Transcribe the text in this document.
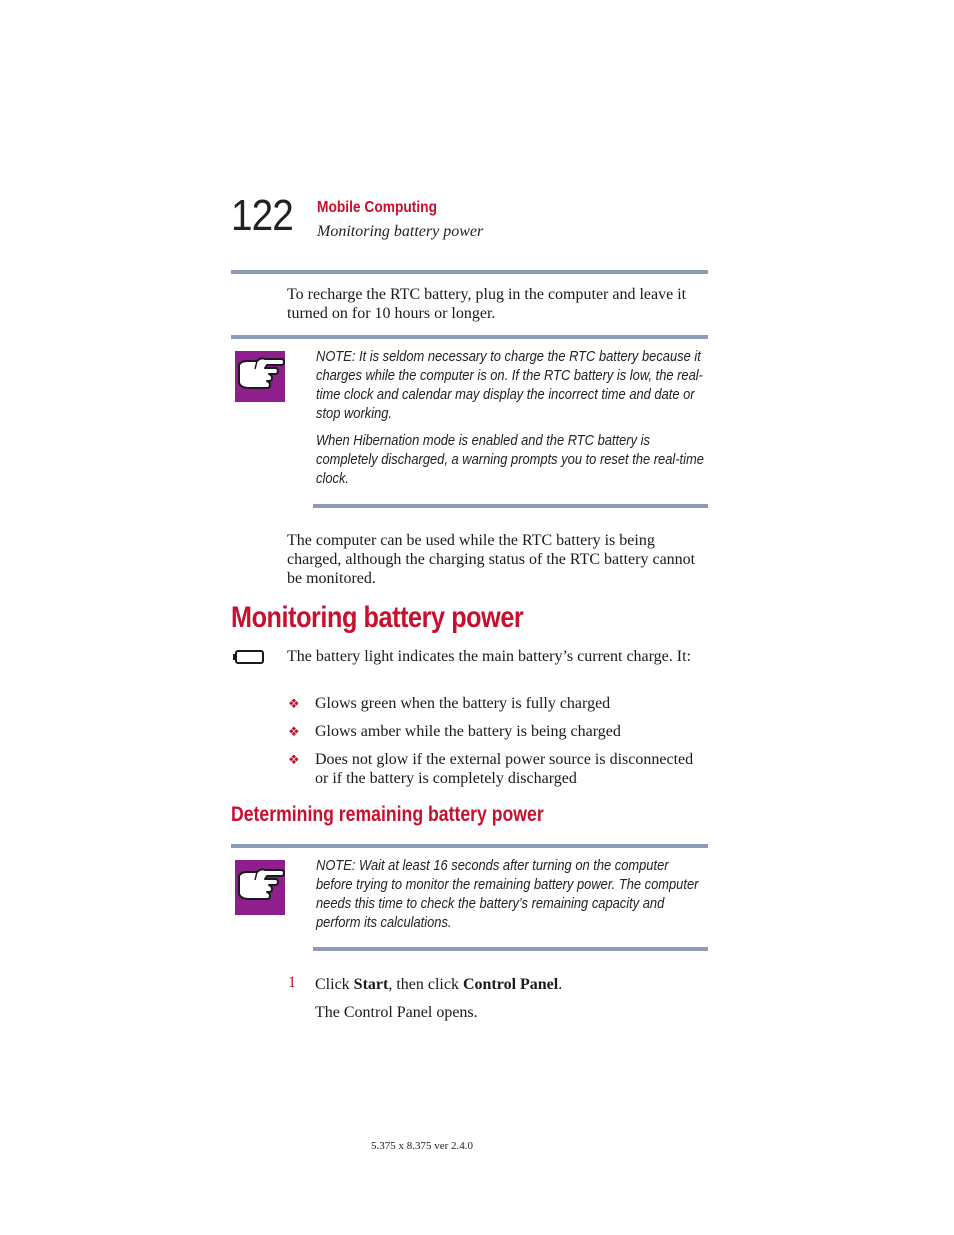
122 Mobile Computing
Monitoring battery power
To recharge the RTC battery, plug in the computer and leave it turned on for 10 hours or longer.
NOTE: It is seldom necessary to charge the RTC battery because it charges while the computer is on. If the RTC battery is low, the real-time clock and calendar may display the incorrect time and date or stop working.
When Hibernation mode is enabled and the RTC battery is completely discharged, a warning prompts you to reset the real-time clock.
The computer can be used while the RTC battery is being charged, although the charging status of the RTC battery cannot be monitored.
Monitoring battery power
The battery light indicates the main battery’s current charge. It:
❖ Glows green when the battery is fully charged
❖ Glows amber while the battery is being charged
❖ Does not glow if the external power source is disconnected or if the battery is completely discharged
Determining remaining battery power
NOTE: Wait at least 16 seconds after turning on the computer before trying to monitor the remaining battery power. The computer needs this time to check the battery’s remaining capacity and perform its calculations.
1 Click Start, then click Control Panel.
The Control Panel opens.
5.375 x 8.375 ver 2.4.0
